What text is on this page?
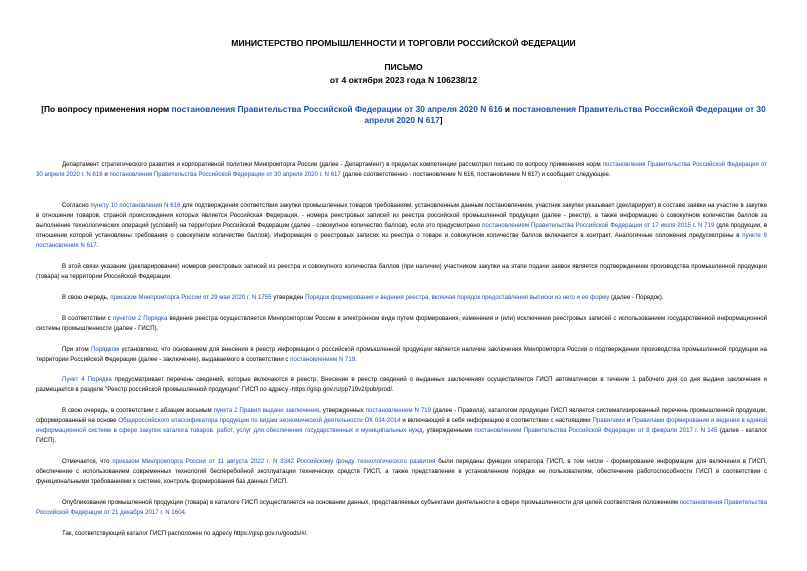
МИНИСТЕРСТВО ПРОМЫШЛЕННОСТИ И ТОРГОВЛИ РОССИЙСКОЙ ФЕДЕРАЦИИ
ПИСЬМО
от 4 октября 2023 года N 106238/12
[По вопросу применения норм постановления Правительства Российской Федерации от 30 апреля 2020 N 616 и постановления Правительства Российской Федерации от 30 апреля 2020 N 617]

Департамент стратегического развития и корпоративной политики Минпромторга России (далее - Департамент) в пределах компетенции рассмотрел письмо по вопросу применения норм постановления Правительства Российской Федерации от 30 апреля 2020 г. N 616 и постановления Правительства Российской Федерации от 30 апреля 2020 г. N 617 (далее соответственно - постановление N 616, постановление N 617) и сообщает следующее.

Согласно пункту 10 постановления N 616 для подтверждения соответствия закупки промышленных товаров требованиям, установленным данным постановлением, участник закупки указывает (декларирует) в составе заявки на участие в закупке в отношении товаров, страной происхождения которых является Российская Федерация, - номера реестровых записей из реестра российской промышленной продукции (далее - реестр), а также информацию о совокупном количестве баллов за выполнение технологических операций (условий) на территории Российской Федерации (далее - совокупное количество баллов), если это предусмотрено постановлением Правительства Российской Федерации от 17 июля 2015 г. N 719 (для продукции, в отношении которой установлены требования о совокупном количестве баллов). Информация о реестровых записях из реестра о товаре и совокупном количестве баллов включается в контракт. Аналогичные положения предусмотрены в пункте 9 постановления N 617.

В этой связи указание (декларирование) номеров реестровых записей из реестра и совокупного количества баллов (при наличии) участником закупки на этапе подачи заявок является подтверждением производства промышленной продукции (товара) на территории Российской Федерации.

В свою очередь, приказом Минпромторга России от 29 мая 2020 г. N 1755 утвержден Порядок формирования и ведения реестра, включая порядок предоставления выписки из него и ее форму (далее - Порядок).

В соответствии с пунктом 2 Порядка ведение реестра осуществляется Минпромторгом России в электронном виде путем формирования, изменения и (или) исключения реестровых записей с использованием государственной информационной системы промышленности (далее - ГИСП).

При этом Порядком установлено, что основанием для внесения в реестр информации о российской промышленной продукции является наличие заключения Минпромторга России о подтверждении производства промышленной продукции на территории Российской Федерации (далее - заключение), выдаваемого в соответствии с постановлением N 719.

Пункт 4 Порядка предусматривает перечень сведений, которые включаются в реестр. Внесение в реестр сведений о выданных заключениях осуществляется ГИСП автоматически в течение 1 рабочего дня со дня выдачи заключения и размещается в разделе "Реестр российской промышленной продукции" ГИСП по адресу -https://gisp.gov.ru/pp719v2/pub/prod/.

В свою очередь, в соответствии с абзацем восьмым пункта 2 Правил выдачи заключения, утвержденных постановлением N 719 (далее - Правила), каталогом продукции ГИСП является систематизированный перечень промышленной продукции, сформированный на основе Общероссийского классификатора продукции по видам экономической деятельности ОК 034-2014 и включающий в себя информацию в соответствии с настоящими Правилами и Правилами формирования и ведения в единой информационной системе в сфере закупок каталога товаров, работ, услуг для обеспечения государственных и муниципальных нужд, утвержденными постановлением Правительства Российской Федерации от 8 февраля 2017 г. N 145 (далее - каталог ГИСП).

Отмечается, что приказом Минпромторга России от 11 августа 2022 г. N 3342 Российскому фонду технологического развития были переданы функции оператора ГИСП, в том числе - формирование информации для включения в ГИСП, обеспечение с использованием современных технологий бесперебойной эксплуатации технических средств ГИСП, а также представление в установленном порядке ее пользователям, обеспечение работоспособности ГИСП в соответствии с функциональными требованиями к системе, контроль формирования баз данных ГИСП.

Опубликование промышленной продукции (товара) в каталоге ГИСП осуществляется на основании данных, представляемых субъектами деятельности в сфере промышленности для целей соответствия положениям постановления Правительства Российской Федерации от 21 декабря 2017 г. N 1604.

Так, соответствующий каталог ГИСП расположен по адресу https://gisp.gov.ru/goods/#/.
